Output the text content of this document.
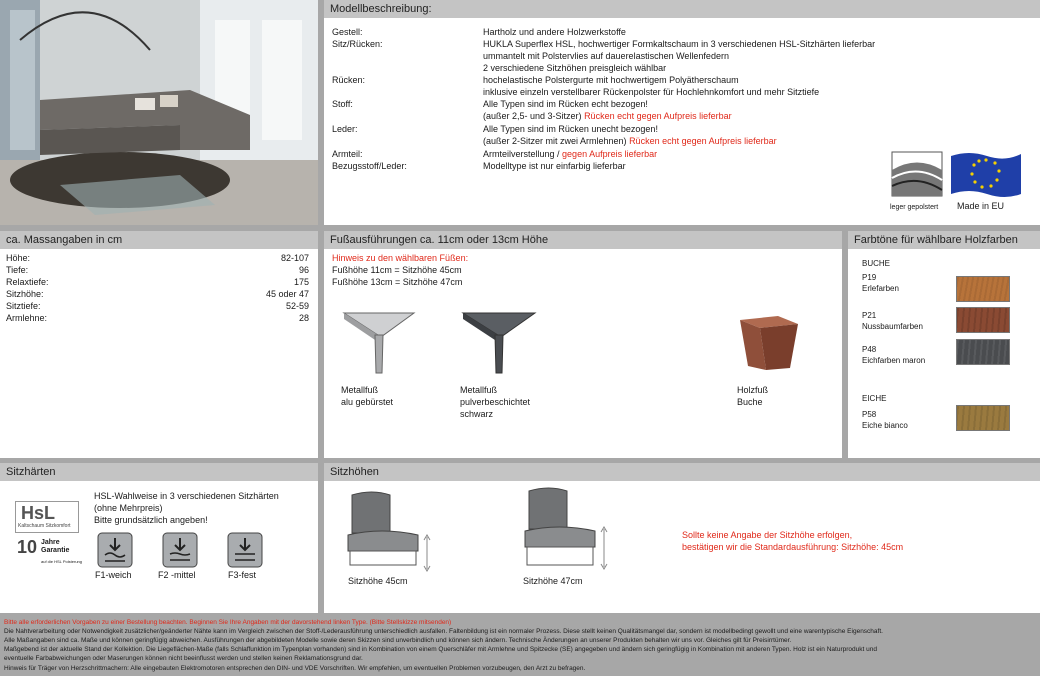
Modellbeschreibung:
Gestell:	Hartholz und andere Holzwerkstoffe
Sitz/Rücken:	HUKLA Superflex HSL, hochwertiger Formkaltschaum in 3 verschiedenen HSL-Sitzhärten lieferbar
ummantelt mit Polstervlies auf dauerelastischen Wellenfedern
2 verschiedene Sitzhöhen preisgleich wählbar
Rücken:	hochelastische Polstergurte mit hochwertigem Polyätherschaum
inklusive einzeln verstellbarer Rückenpolster für Hochlehnkomfort und mehr Sitztiefe
Stoff:	Alle Typen sind im Rücken echt bezogen!
(außer 2,5- und 3-Sitzer) Rücken echt gegen Aufpreis lieferbar
Leder:	Alle Typen sind im Rücken unecht bezogen!
(außer 2-Sitzer mit zwei Armlehnen) Rücken echt gegen Aufpreis lieferbar
Armteil:	Armteilverstellung / gegen Aufpreis lieferbar
Bezugsstoff/Leder:	Modelltype ist nur einfarbig lieferbar
leger gepolstert Made in EU
ca. Massangaben in cm
Höhe:	82-107
Tiefe:	96
Relaxtiefe:	175
Sitzhöhe:	45 oder 47
Sitztiefe:	52-59
Armlehne:	28
Fußausführungen ca. 11cm oder 13cm Höhe
Hinweis zu den wählbaren Füßen:
Fußhöhe 11cm = Sitzhöhe 45cm
Fußhöhe 13cm = Sitzhöhe 47cm
Metallfuß
alu gebürstet
Metallfuß
pulverbeschichtet
schwarz
Holzfuß
Buche
Farbtöne für wählbare Holzfarben
BUCHE
EICHE
P19
Erlefarben
P21
Nussbaumfarben
P48
Eichfarben maron
P58
Eiche bianco
Sitzhärten
HsL
Kaltschaum Sitzkomfort
10 Jahre
Garantie
auf die HSL Polsterung
HSL-Wahlweise in 3 verschiedenen Sitzhärten
(ohne Mehrpreis)
Bitte grundsätzlich angeben!
F1-weich	F2 -mittel	F3-fest
Sitzhöhen
Sitzhöhe 45cm	Sitzhöhe 47cm
Sollte keine Angabe der Sitzhöhe erfolgen,
bestätigen wir die Standardausführung: Sitzhöhe: 45cm
Bitte alle erforderlichen Vorgaben zu einer Bestellung beachten. Beginnen Sie Ihre Angaben mit der davorstehend linken Type. (Bitte Stellskizze mitsenden)
Die Nahtverarbeitung oder Notwendigkeit zusätzlicher/geänderter Nähte kann im Vergleich zwischen der Stoff-/Lederausführung unterschiedlich ausfallen. Faltenbildung ist ein normaler Prozess. Diese stellt keinen Qualitätsmangel dar, sondern ist modellbedingt gewollt und eine warentypische Eigenschaft.
Alle Maßangaben sind ca. Maße und können geringfügig abweichen. Ausführungen der abgebildeten Modelle sowie deren Skizzen sind unverbindlich und können sich ändern. Technische Änderungen an unserer Produkten behalten wir uns vor. Gleiches gilt für Preisirrtümer.
Maßgebend ist der aktuelle Stand der Kollektion. Die Liegeflächen-Maße (falls Schlaffunktion im Typenplan vorhanden) sind in Kombination von einem Querschläfer mit Armlehne und Spitzecke (SE) angegeben und ändern sich geringfügig in Kombination mit anderen Typen. Holz ist ein Naturprodukt und
eventuelle Farbabweichungen oder Maserungen können nicht beeinflusst werden und stellen keinen Reklamationsgrund dar.
Hinweis für Träger von Herzschrittmachern: Alle eingebauten Elektromotoren entsprechen den DIN- und VDE Vorschriften. Wir empfehlen, um eventuellen Problemen vorzubeugen, den Arzt zu befragen.
